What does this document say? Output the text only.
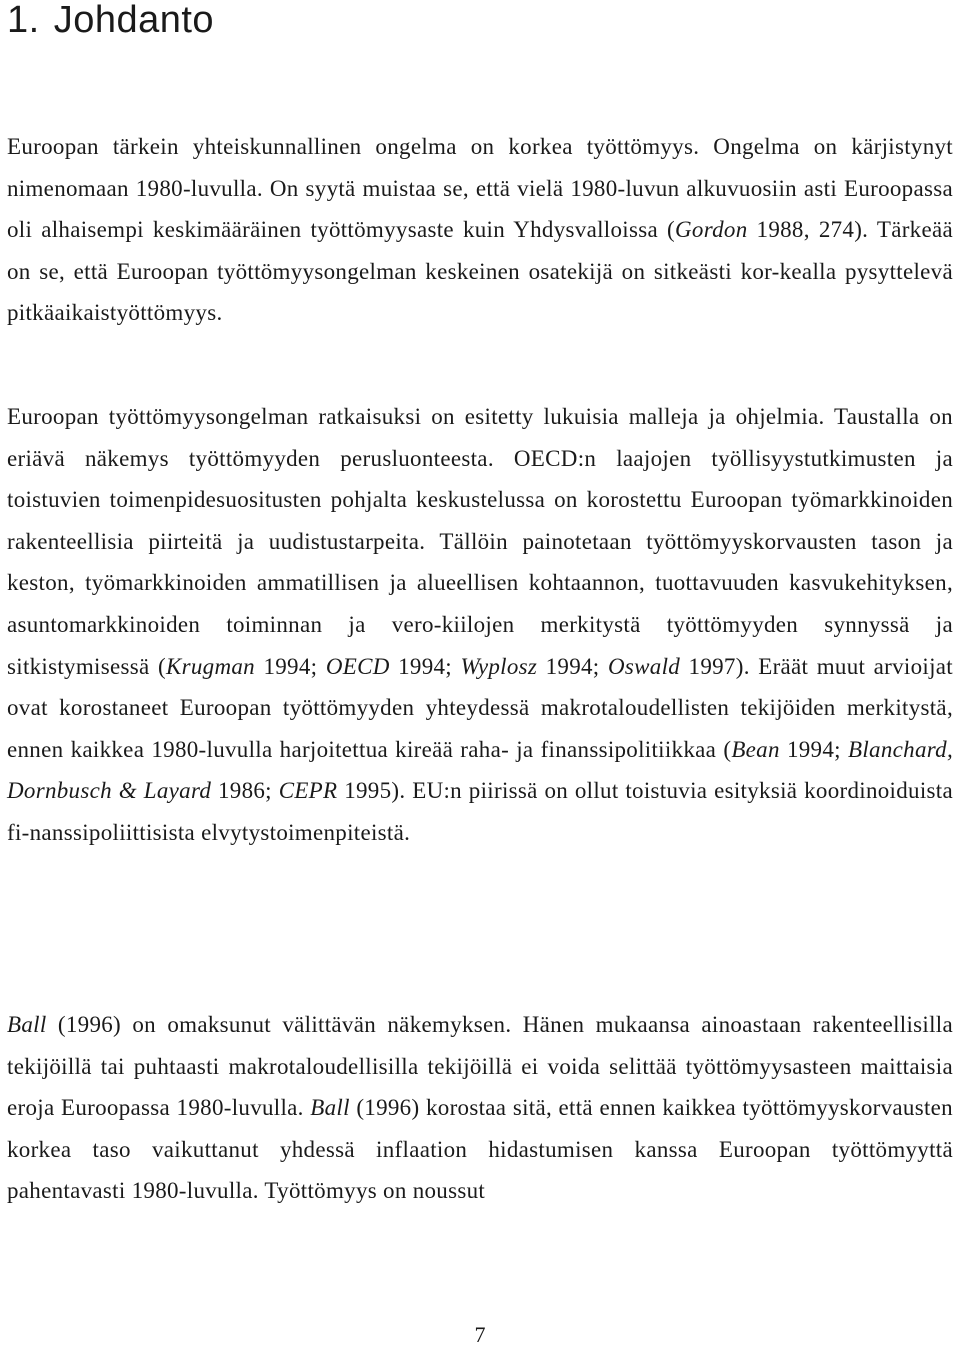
1. Johdanto

Euroopan tärkein yhteiskunnallinen ongelma on korkea työttömyys. Ongelma on kärjistynyt nimenomaan 1980-luvulla. On syytä muistaa se, että vielä 1980-luvun alkuvuosiin asti Euroopassa oli alhaisempi keskimääräinen työttömyysaste kuin Yhdysvalloissa (Gordon 1988, 274). Tärkeää on se, että Euroopan työttömyysongelman keskeinen osatekijä on sitkeästi kor-kealla pysyttelevä pitkäaikaistyöttömyys.

Euroopan työttömyysongelman ratkaisuksi on esitetty lukuisia malleja ja ohjelmia. Taustalla on eriävä näkemys työttömyyden perusluonteesta. OECD:n laajojen työllisyystutkimusten ja toistuvien toimenpidesuositusten pohjalta keskustelussa on korostettu Euroopan työmarkkinoiden rakenteellisia piirteitä ja uudistustarpeita. Tällöin painotetaan työttömyyskorvausten tason ja keston, työmarkkinoiden ammatillisen ja alueellisen kohtaannon, tuottavuuden kasvukehityksen, asuntomarkkinoiden toiminnan ja vero-kiilojen merkitystä työttömyyden synnyssä ja sitkistymisessä (Krugman 1994; OECD 1994; Wyplosz 1994; Oswald 1997). Eräät muut arvioijat ovat korostaneet Euroopan työttömyyden yhteydessä makrotaloudellisten tekijöiden merkitystä, ennen kaikkea 1980-luvulla harjoitettua kireää raha- ja finanssipolitiikkaa (Bean 1994; Blanchard, Dornbusch & Layard 1986; CEPR 1995). EU:n piirissä on ollut toistuvia esityksiä koordinoiduista fi-nanssipoliittisista elvytystoimenpiteistä.

Ball (1996) on omaksunut välittävän näkemyksen. Hänen mukaansa ainoastaan rakenteellisilla tekijöillä tai puhtaasti makrotaloudellisilla tekijöillä ei voida selittää työttömyysasteen maittaisia eroja Euroopassa 1980-luvulla. Ball (1996) korostaa sitä, että ennen kaikkea työttömyyskorvausten korkea taso vaikuttanut yhdessä inflaation hidastumisen kanssa Euroopan työttömyyttä pahentavasti 1980-luvulla. Työttömyys on noussut

7
